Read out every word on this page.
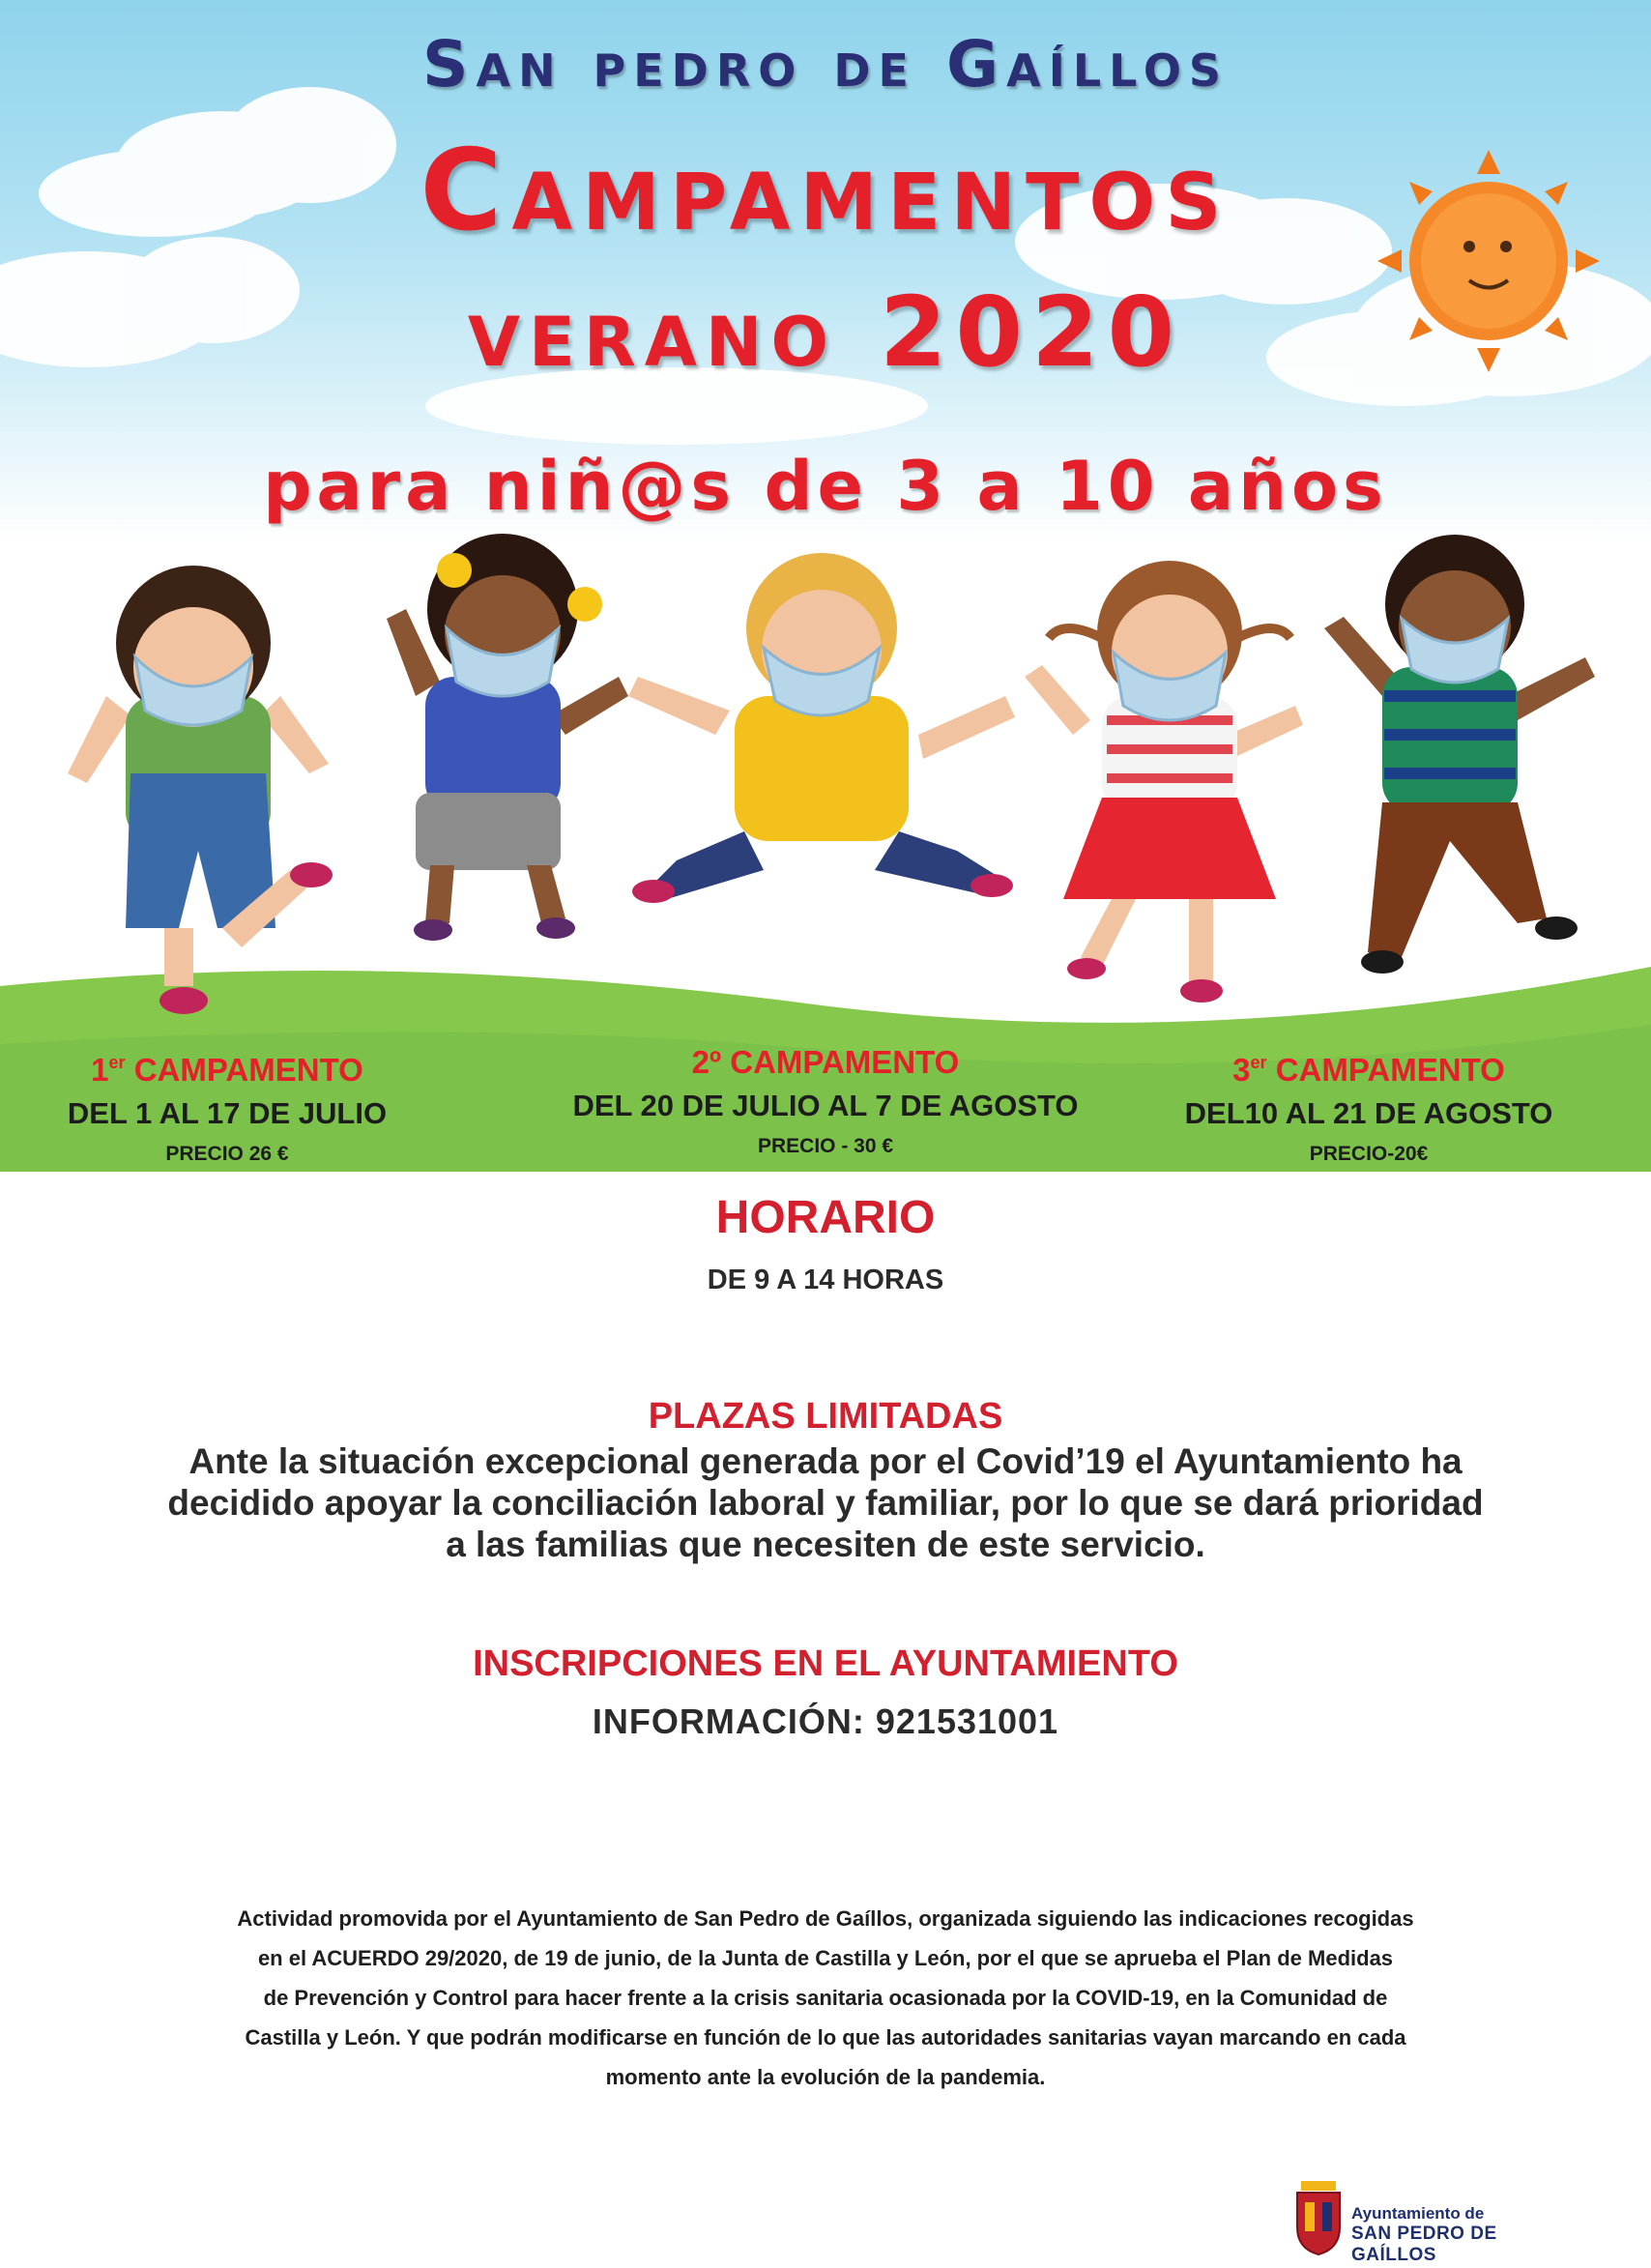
San pedro de Gaíllos
Campamentos
verano 2020
para niñ@s de 3 a 10 años
1er CAMPAMENTO
DEL 1 AL 17 DE JULIO
PRECIO 26 €
2º CAMPAMENTO
DEL 20 DE JULIO AL 7 DE AGOSTO
PRECIO - 30 €
3er CAMPAMENTO
DEL10 AL 21 DE AGOSTO
PRECIO-20€
HORARIO
DE 9 A 14 HORAS
PLAZAS LIMITADAS
Ante la situación excepcional generada por el Covid’19 el Ayuntamiento ha
decidido apoyar la conciliación laboral y familiar, por lo que se dará prioridad
a las familias que necesiten de este servicio.
INSCRIPCIONES EN EL AYUNTAMIENTO
INFORMACIÓN: 921531001
Actividad promovida por el Ayuntamiento de San Pedro de Gaíllos, organizada siguiendo las indicaciones recogidas
en el ACUERDO 29/2020, de 19 de junio, de la Junta de Castilla y León, por el que se aprueba el Plan de Medidas
de Prevención y Control para hacer frente a la crisis sanitaria ocasionada por la COVID-19, en la Comunidad de
Castilla y León. Y que podrán modificarse en función de lo que las autoridades sanitarias vayan marcando en cada
momento ante la evolución de la pandemia.
Ayuntamiento de
SAN PEDRO DE GAÍLLOS
